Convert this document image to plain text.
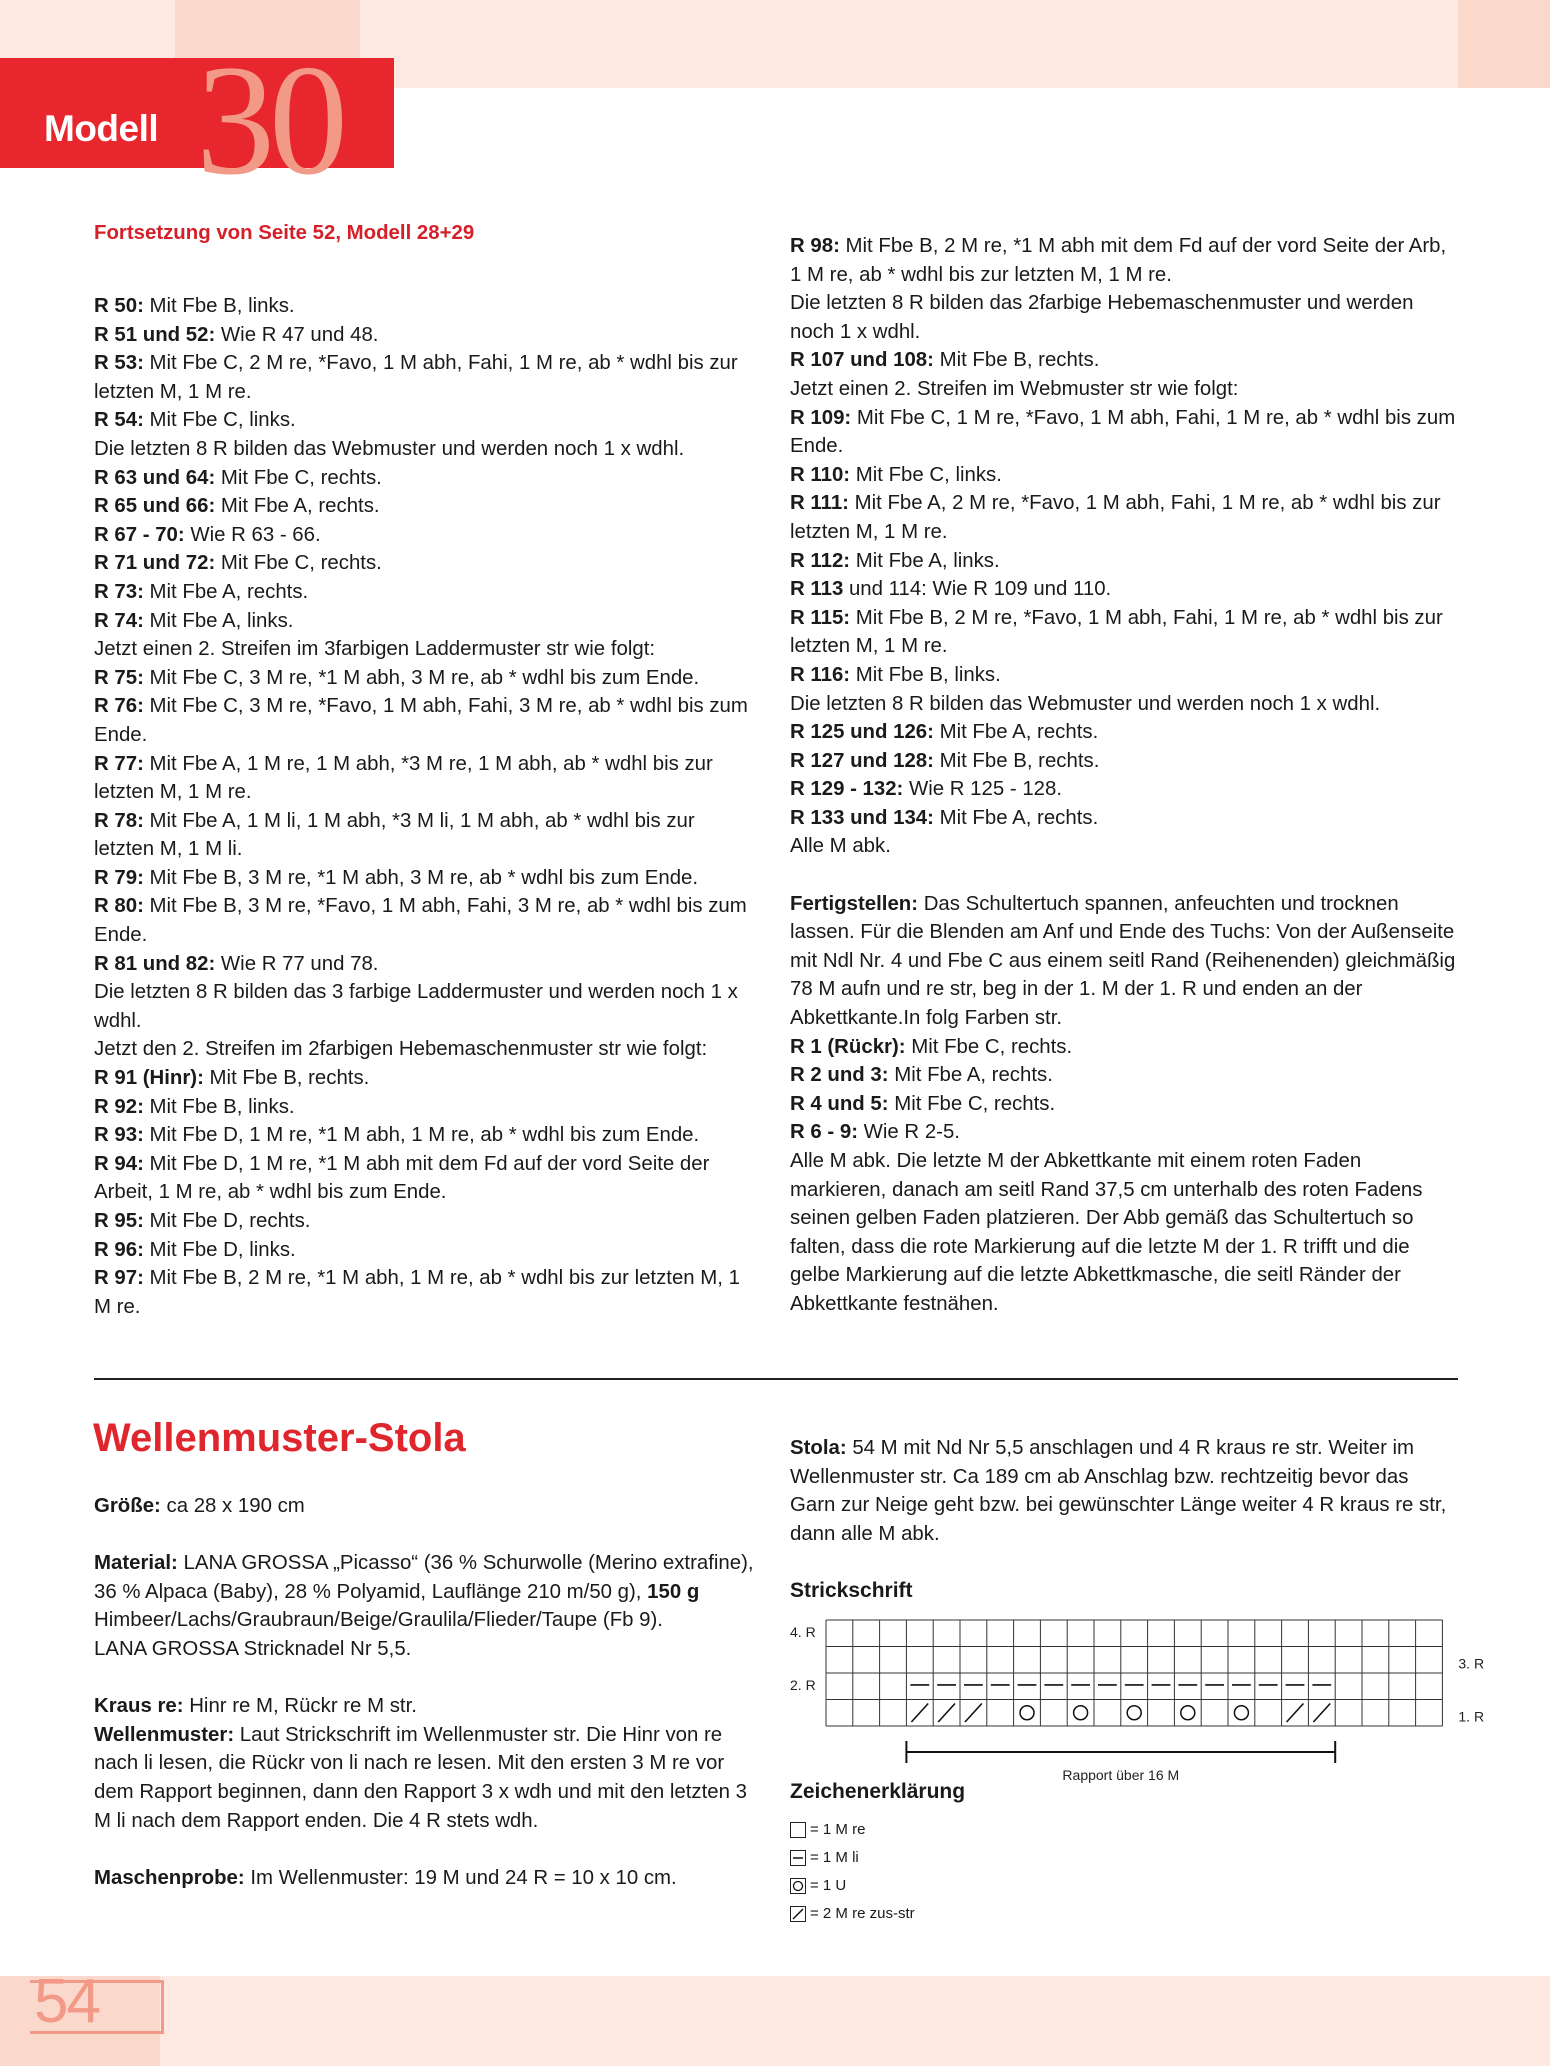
Modell 30
Fortsetzung von Seite 52, Modell 28+29

R 50: Mit Fbe B, links.

R 51 und 52: Wie R 47 und 48.

R 53: Mit Fbe C, 2 M re, *Favo, 1 M abh, Fahi, 1 M re, ab * wdhl bis zur letzten M, 1 M re.

R 54: Mit Fbe C, links.

Die letzten 8 R bilden das Webmuster und werden noch 1 x wdhl.

R 63 und 64: Mit Fbe C, rechts.

R 65 und 66: Mit Fbe A, rechts.

R 67 - 70: Wie R 63 - 66.

R 71 und 72: Mit Fbe C, rechts.

R 73: Mit Fbe A, rechts.

R 74: Mit Fbe A, links.

Jetzt einen 2. Streifen im 3farbigen Laddermuster str wie folgt:

R 75: Mit Fbe C, 3 M re, *1 M abh, 3 M re, ab * wdhl bis zum Ende.

R 76: Mit Fbe C, 3 M re, *Favo, 1 M abh, Fahi, 3 M re, ab * wdhl bis zum Ende.

R 77: Mit Fbe A, 1 M re, 1 M abh, *3 M re, 1 M abh, ab * wdhl bis zur letzten M, 1 M re.

R 78: Mit Fbe A, 1 M li, 1 M abh, *3 M li, 1 M abh, ab * wdhl bis zur letzten M, 1 M li.

R 79: Mit Fbe B, 3 M re, *1 M abh, 3 M re, ab * wdhl bis zum Ende.

R 80: Mit Fbe B, 3 M re, *Favo, 1 M abh, Fahi, 3 M re, ab * wdhl bis zum Ende.

R 81 und 82: Wie R 77 und 78.

Die letzten 8 R bilden das 3 farbige Laddermuster und werden noch 1 x wdhl.

Jetzt den 2. Streifen im 2farbigen Hebemaschenmuster str wie folgt:

R 91 (Hinr): Mit Fbe B, rechts.

R 92: Mit Fbe B, links.

R 93: Mit Fbe D, 1 M re, *1 M abh, 1 M re, ab * wdhl bis zum Ende.

R 94: Mit Fbe D, 1 M re, *1 M abh mit dem Fd auf der vord Seite der Arbeit, 1 M re, ab * wdhl bis zum Ende.

R 95: Mit Fbe D, rechts.

R 96: Mit Fbe D, links.

R 97: Mit Fbe B, 2 M re, *1 M abh, 1 M re, ab * wdhl bis zur letzten M, 1 M re.

R 98: Mit Fbe B, 2 M re, *1 M abh mit dem Fd auf der vord Seite der Arb, 1 M re, ab * wdhl bis zur letzten M, 1 M re.

Die letzten 8 R bilden das 2farbige Hebemaschenmuster und werden noch 1 x wdhl.

R 107 und 108: Mit Fbe B, rechts.

Jetzt einen 2. Streifen im Webmuster str wie folgt:

R 109: Mit Fbe C, 1 M re, *Favo, 1 M abh, Fahi, 1 M re, ab * wdhl bis zum Ende.

R 110: Mit Fbe C, links.

R 111: Mit Fbe A, 2 M re, *Favo, 1 M abh, Fahi, 1 M re, ab * wdhl bis zur letzten M, 1 M re.

R 112: Mit Fbe A, links.

R 113 und 114: Wie R 109 und 110.

R 115: Mit Fbe B, 2 M re, *Favo, 1 M abh, Fahi, 1 M re, ab * wdhl bis zur letzten M, 1 M re.

R 116: Mit Fbe B, links.

Die letzten 8 R bilden das Webmuster und werden noch 1 x wdhl.

R 125 und 126: Mit Fbe A, rechts.

R 127 und 128: Mit Fbe B, rechts.

R 129 - 132: Wie R 125 - 128.

R 133 und 134: Mit Fbe A, rechts.

Alle M abk.

Fertigstellen: Das Schultertuch spannen, anfeuchten und trocknen lassen. Für die Blenden am Anf und Ende des Tuchs: Von der Außenseite mit Ndl Nr. 4 und Fbe C aus einem seitl Rand (Reihenenden) gleichmäßig 78 M aufn und re str, beg in der 1. M der 1. R und enden an der Abkettkante.In folg Farben str.

R 1 (Rückr): Mit Fbe C, rechts.

R 2 und 3: Mit Fbe A, rechts.

R 4 und 5: Mit Fbe C, rechts.

R 6 - 9: Wie R 2-5.

Alle M abk. Die letzte M der Abkettkante mit einem roten Faden markieren, danach am seitl Rand 37,5 cm unterhalb des roten Fadens seinen gelben Faden platzieren. Der Abb gemäß das Schultertuch so falten, dass die rote Markierung auf die letzte M der 1. R trifft und die gelbe Markierung auf die letzte Abkettkmasche, die seitl Ränder der Abkettkante festnähen.

Wellenmuster-Stola

Größe: ca 28 x 190 cm

Material: LANA GROSSA „Picasso“ (36 % Schurwolle (Merino extrafine), 36 % Alpaca (Baby), 28 % Polyamid, Lauflänge 210 m/50 g), 150 g Himbeer/Lachs/Graubraun/Beige/Graulila/Flieder/Taupe (Fb 9).

LANA GROSSA Stricknadel Nr 5,5.

Kraus re: Hinr re M, Rückr re M str.

Wellenmuster: Laut Strickschrift im Wellenmuster str. Die Hinr von re nach li lesen, die Rückr von li nach re lesen. Mit den ersten 3 M re vor dem Rapport beginnen, dann den Rapport 3 x wdh und mit den letzten 3 M li nach dem Rapport enden. Die 4 R stets wdh.

Maschenprobe: Im Wellenmuster: 19 M und 24 R = 10 x 10 cm.

Stola: 54 M mit Nd Nr 5,5 anschlagen und 4 R kraus re str. Weiter im Wellenmuster str. Ca 189 cm ab Anschlag bzw. rechtzeitig bevor das Garn zur Neige geht bzw. bei gewünschter Länge weiter 4 R kraus re str, dann alle M abk.

Strickschrift

4. R
2. R
3. R
1. R
Rapport über 16 M
Zeichenerklärung
= 1 M re
= 1 M li
= 1 U
= 2 M re zus-str
54
